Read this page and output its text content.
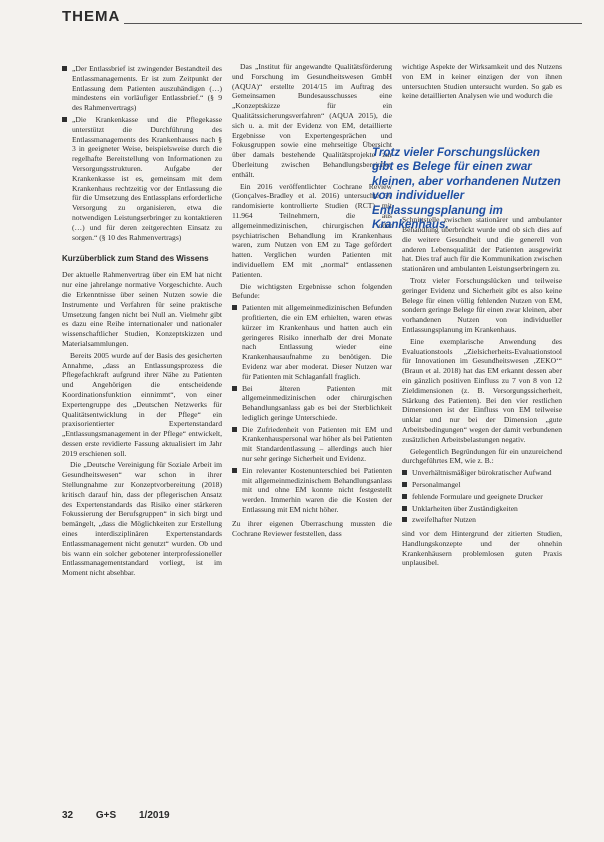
THEMA
„Der Entlassbrief ist zwingender Bestandteil des Entlassmanagements. Er ist zum Zeitpunkt der Entlassung dem Patienten auszuhändigen (…) mindestens ein vorläufiger Entlassbrief.“ (§ 9 des Rahmenvertrags)
„Die Krankenkasse und die Pflegekasse unterstützt die Durchführung des Entlassmanagements des Krankenhauses nach § 3 in geeigneter Weise, beispielsweise durch die regelhafte Bereitstellung von Informationen zu Versorgungsstrukturen. Aufgabe der Krankenkasse ist es, gemeinsam mit dem Krankenhaus rechtzeitig vor der Entlassung die für die Umsetzung des Entlassplans erforderliche Versorgung zu organisieren, etwa die notwendigen Leistungserbringer zu kontaktieren (…) und für deren zeitgerechten Einsatz zu sorgen.“ (§ 10 des Rahmenvertrags)
Kurzüberblick zum Stand des Wissens

Der aktuelle Rahmenvertrag über ein EM hat nicht nur eine jahrelange normative Vorgeschichte. Auch die Erkenntnisse über seinen Nutzen sowie die Instrumente und Verfahren für seine praktische Umsetzung fangen nicht bei Null an. Vielmehr gibt es dazu eine Reihe internationaler und nationaler wissenschaftlicher Studien, Konzeptskizzen und Materialsammlungen.

Bereits 2005 wurde auf der Basis des gesicherten Annahme, „dass an Entlassungsprozess die Pflegefachkraft aufgrund ihrer Nähe zu Patienten und Angehörigen die entscheidende Koordinationsfunktion einnimmt“, von einer Expertengruppe des „Deutschen Netzwerks für Qualitätsentwicklung in der Pflege“ ein praxisorientierter Expertenstandard „Entlassungsmanagement in der Pflege“ entwickelt, dessen erste revidierte Fassung aktualisiert im Jahr 2019 erschienen soll.

Die „Deutsche Vereinigung für Soziale Arbeit im Gesundheitswesen“ war schon in ihrer Stellungnahme zur Konzeptvorbereitung (2018) kritisch darauf hin, dass der pflegerischen Ansatz des Expertenstandards das Risiko einer stärkeren Fokussierung der Berufsgruppen“ in sich birgt und bemängelt, „dass die Möglichkeiten zur Erstellung eines interdisziplinären Expertenstandards Entlassmanagement nicht genutzt“ wurden. Ob und bis wann ein solcher gebotener interprofessioneller Entlassmanagementstandard vorliegt, ist im Moment nicht absehbar.

Das „Institut für angewandte Qualitätsförderung und Forschung im Gesundheitswesen GmbH (AQUA)“ erstellte 2014/15 im Auftrag des Gemeinsamen Bundesausschusses eine „Konzeptskizze für ein Qualitätssicherungsverfahren“ (AQUA 2015), die sich u. a. mit der Evidenz von EM, detaillierte Ergebnisse von Expertengesprächen und Fokusgruppen sowie eine mehrseitige Übersicht über damals bestehende Qualitätsprojekte zur Überleitung zwischen Behandlungsbereichen enthält.

Ein 2016 veröffentlichter Cochrane Review (Gonçalves-Bradley et al. 2016) untersuchte 30 randomisierte kontrollierte Studien (RCT) mit 11.964 Teilnehmern, die aus allgemeinmedizinischen, chirurgischen oder psychiatrischen Behandlung im Krankenhaus waren, zum Nutzen von EM zu Tage gefördert hatten. Verglichen wurden Patienten mit individuellem EM mit „normal“ entlassenen Patienten.

Die wichtigsten Ergebnisse schon folgenden Befunde:

Patienten mit allgemeinmedizinischen Befunden profitierten, die ein EM erhielten, waren etwas kürzer im Krankenhaus und hatten auch ein geringeres Risiko innerhalb der drei Monate nach Entlassung wieder eine Krankenhausaufnahme zu benötigen. Die Evidenz war aber moderat. Dieser Nutzen war für Patienten mit Schlaganfall fraglich.
Bei älteren Patienten mit allgemeinmedizinischen oder chirurgischen Behandlungsanlass gab es bei der Sterblichkeit lediglich geringe Unterschiede.
Die Zufriedenheit von Patienten mit EM und Krankenhauspersonal war höher als bei Patienten mit Standardentlassung – allerdings auch hier nur sehr geringe Sicherheit und Evidenz.
Ein relevanter Kostenunterschied bei Patienten mit allgemeinmedizinischem Behandlungsanlass mit und ohne EM konnte nicht festgestellt werden. Immerhin waren die die Kosten der Entlassung mit EM nicht höher.

Zu ihrer eigenen Überraschung mussten die Cochrane Reviewer feststellen, dass

wichtige Aspekte der Wirksamkeit und des Nutzens von EM in keiner einzigen der von ihnen untersuchten Studien untersucht wurden. So gab es keine detaillierten Analysen wie und wodurch die

Schnittstelle zwischen stationärer und ambulanter Behandlung überbrückt wurde und ob sich dies auf die weitere Gesundheit und die generell von anderen Lebensqualität der Patienten ausgewirkt hat. Dies traf auch für die Kommunikation zwischen stationären und ambulanten Leistungserbringern zu.

Trotz vieler Forschungslücken und teilweise geringer Evidenz und Sicherheit gibt es also keine Belege für einen völlig fehlenden Nutzen von EM, sondern geringe Belege für einen zwar kleinen, aber vorhandenen Nutzen von individueller Entlassungsplanung im Krankenhaus.

Eine exemplarische Anwendung des Evaluationstools „Zielsicherheits-Evaluationstool für Innovationen im Gesundheitswesen ‚ZEKO‘“ (Braun et al. 2018) hat das EM erkannt dessen aber ein gänzlich positiven Einfluss zu 7 von 8 von 12 Zieldimensionen (z. B. Versorgungssicherheit, Stärkung des Patienten). Bei den vier restlichen Dimensionen ist der Einfluss von EM teilweise unklar und nur bei der Dimension „gute Arbeitsbedingungen“ wegen der damit verbundenen zusätzlichen Arbeitsbelastungen negativ.

Gelegentlich Begründungen für ein unzureichend durchgeführtes EM, wie z. B.:

Unverhältnismäßiger bürokratischer Aufwand
Personalmangel
fehlende Formulare und geeignete Drucker
Unklarheiten über Zuständigkeiten
zweifelhafter Nutzen

sind vor dem Hintergrund der zitierten Studien, Handlungskonzepte und der ohnehin Krankenhäusern problemlosen guten Praxis unplausibel.

Trotz vieler Forschungslücken gibt es Belege für einen zwar kleinen, aber vorhandenen Nutzen von individueller Entlassungsplanung im Krankenhaus.
32 G+S 1/2019
